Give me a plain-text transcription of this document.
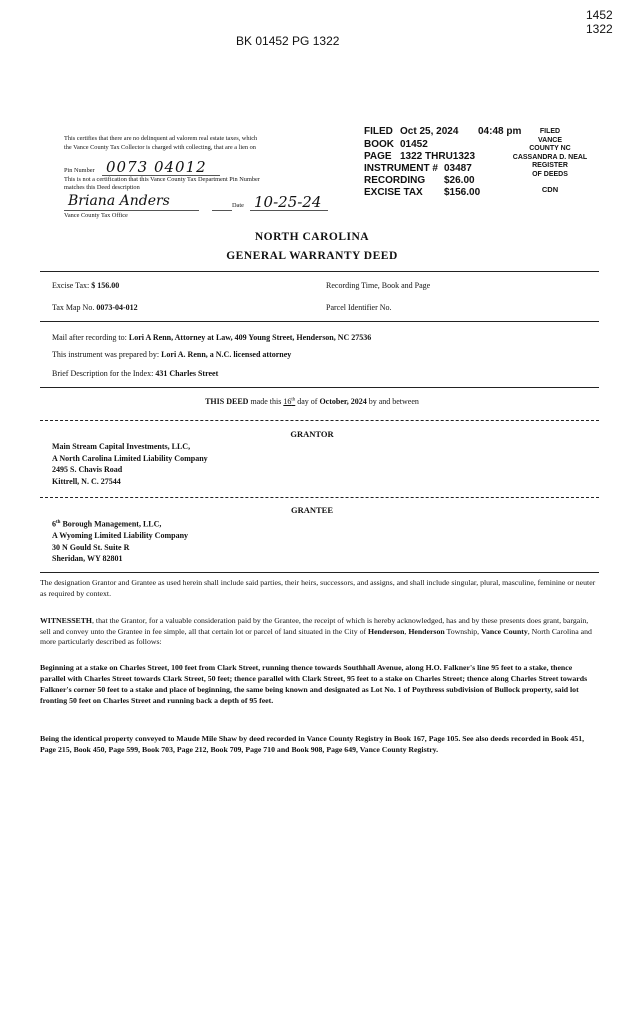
1452
1322
BK 01452 PG 1322
This certifies that there are no delinquent ad valorem real estate taxes, which
the Vance County Tax Collector is charged with collecting, that are a lien on
Pin Number 0073 04012
This is not a certification that this Vance County Tax Department Pin Number
matches this Deed description
Briana Anders	Date 10-25-24
Vance County Tax Office
FILED Oct 25, 2024 04:48 pm
BOOK 01452
PAGE 1322 THRU1323
INSTRUMENT # 03487
RECORDING $26.00
EXCISE TAX $156.00
FILED
VANCE
COUNTY NC
CASSANDRA D. NEAL
REGISTER
OF DEEDS
CDN
NORTH CAROLINA
GENERAL WARRANTY DEED
Excise Tax: $ 156.00	Recording Time, Book and Page
Tax Map No. 0073-04-012	Parcel Identifier No.
Mail after recording to: Lori A Renn, Attorney at Law, 409 Young Street, Henderson, NC 27536
This instrument was prepared by: Lori A. Renn, a N.C. licensed attorney
Brief Description for the Index: 431 Charles Street
THIS DEED made this 16th day of October, 2024 by and between
GRANTOR
Main Stream Capital Investments, LLC,
A North Carolina Limited Liability Company
2495 S. Chavis Road
Kittrell, N. C. 27544
GRANTEE
6th Borough Management, LLC,
A Wyoming Limited Liability Company
30 N Gould St. Suite R
Sheridan, WY 82801
The designation Grantor and Grantee as used herein shall include said parties, their heirs, successors, and assigns, and shall include singular, plural, masculine, feminine or neuter as required by context.
WITNESSETH, that the Grantor, for a valuable consideration paid by the Grantee, the receipt of which is hereby acknowledged, has and by these presents does grant, bargain, sell and convey unto the Grantee in fee simple, all that certain lot or parcel of land situated in the City of Henderson, Henderson Township, Vance County, North Carolina and more particularly described as follows:
Beginning at a stake on Charles Street, 100 feet from Clark Street, running thence towards Southhall Avenue, along H.O. Falkner's line 95 feet to a stake, thence parallel with Charles Street towards Clark Street, 50 feet; thence parallel with Clark Street, 95 feet to a stake on Charles Street; thence along Charles Street towards Falkner's corner 50 feet to a stake and place of beginning, the same being known and designated as Lot No. 1 of Poythress subdivision of Bullock property, said lot fronting 50 feet on Charles Street and running back a depth of 95 feet.
Being the identical property conveyed to Maude Mile Shaw by deed recorded in Vance County Registry in Book 167, Page 105. See also deeds recorded in Book 451, Page 215, Book 450, Page 599, Book 703, Page 212, Book 709, Page 710 and Book 908, Page 649, Vance County Registry.
